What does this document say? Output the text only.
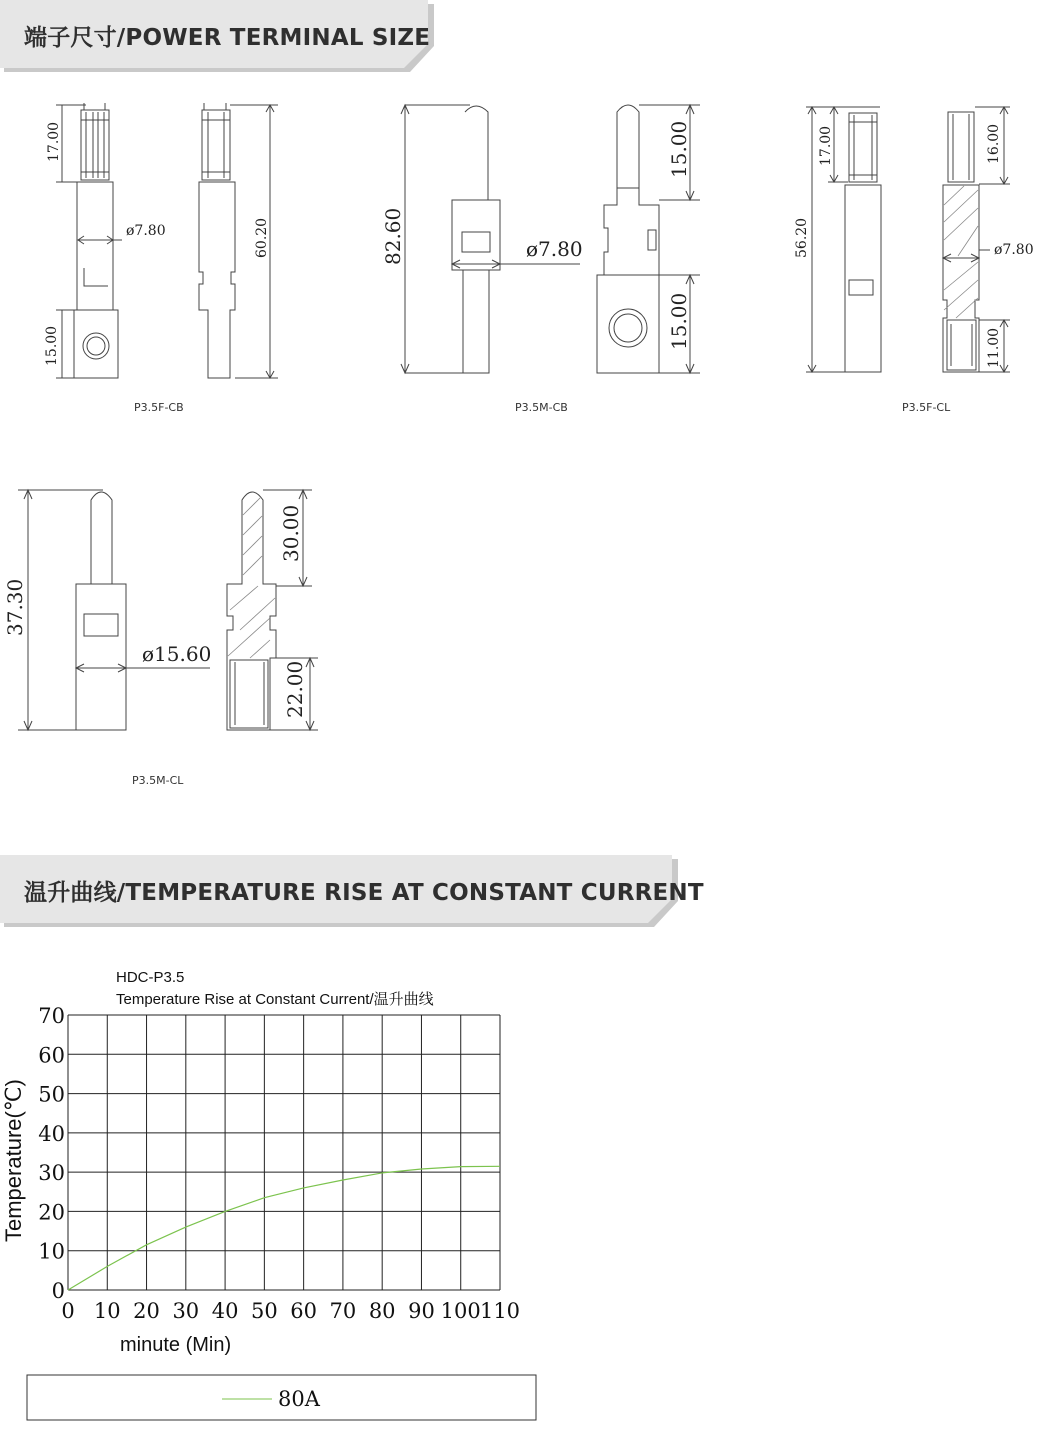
端子尺寸/POWER TERMINAL SIZE
17.00
ø7.80	60.20
15.00
82.60	ø7.80
15.00
15.00
17.00
56.20
16.00
ø7.80
11.00
37.30
ø15.60
30.00
22.00
P3.5F-CB	P3.5M-CB	P3.5F-CL
P3.5M-CL
温升曲线/TEMPERATURE RISE AT CONSTANT CURRENT
HDC-P3.5
Temperature Rise at Constant Current/温升曲线
0 10 20 30 40 50 60 70 80 90 100 110
0
10
20
30
40
50
60
70
minute (Min)
Temperature(℃)
80A
